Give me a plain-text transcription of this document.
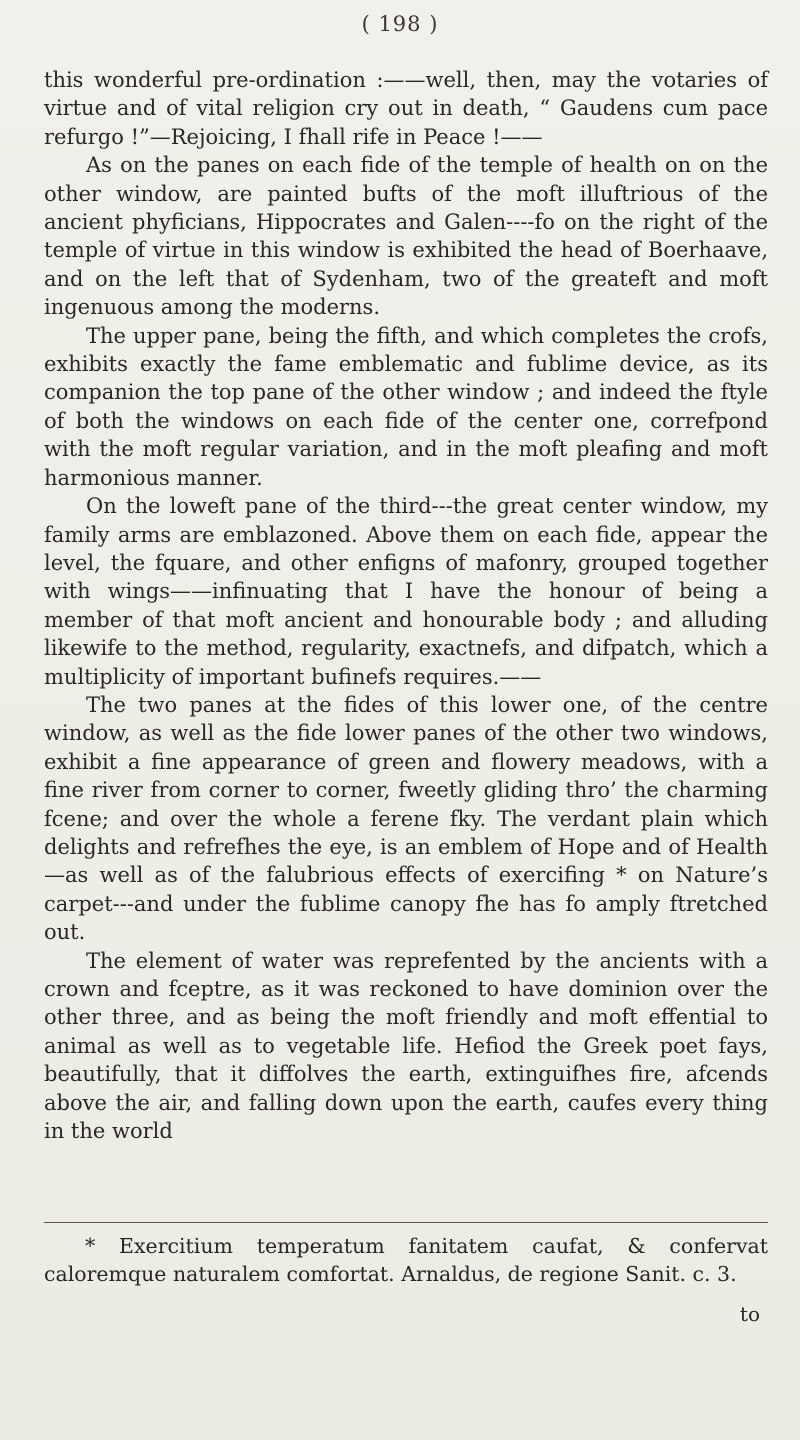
( 198 )

this wonderful pre-ordination :——well, then, may the votaries of virtue and of vital religion cry out in death, “ Gaudens cum pace refurgo !”—Rejoicing, I fhall rife in Peace !——

As on the panes on each fide of the temple of health on on the other window, are painted bufts of the moft illuftrious of the ancient phyficians, Hippocrates and Galen----fo on the right of the temple of virtue in this window is exhibited the head of Boerhaave, and on the left that of Sydenham, two of the greateft and moft ingenuous among the moderns.

The upper pane, being the fifth, and which completes the crofs, exhibits exactly the fame emblematic and fublime device, as its companion the top pane of the other window ; and indeed the ftyle of both the windows on each fide of the center one, correfpond with the moft regular variation, and in the moft pleafing and moft harmonious manner.

On the loweft pane of the third---the great center window, my family arms are emblazoned. Above them on each fide, appear the level, the fquare, and other enfigns of mafonry, grouped together with wings——infinuating that I have the honour of being a member of that moft ancient and honourable body ; and alluding likewife to the method, regularity, exactnefs, and difpatch, which a multiplicity of important bufinefs requires.——

The two panes at the fides of this lower one, of the centre window, as well as the fide lower panes of the other two windows, exhibit a fine appearance of green and flowery meadows, with a fine river from corner to corner, fweetly gliding thro’ the charming fcene; and over the whole a ferene fky. The verdant plain which delights and refrefhes the eye, is an emblem of Hope and of Health—as well as of the falubrious effects of exercifing * on Nature’s carpet---and under the fublime canopy fhe has fo amply ftretched out.

The element of water was reprefented by the ancients with a crown and fceptre, as it was reckoned to have dominion over the other three, and as being the moft friendly and moft effential to animal as well as to vegetable life. Hefiod the Greek poet fays, beautifully, that it diffolves the earth, extinguifhes fire, afcends above the air, and falling down upon the earth, caufes every thing in the world

* Exercitium temperatum fanitatem caufat, & confervat caloremque naturalem comfortat. Arnaldus, de regione Sanit. c. 3.

to
